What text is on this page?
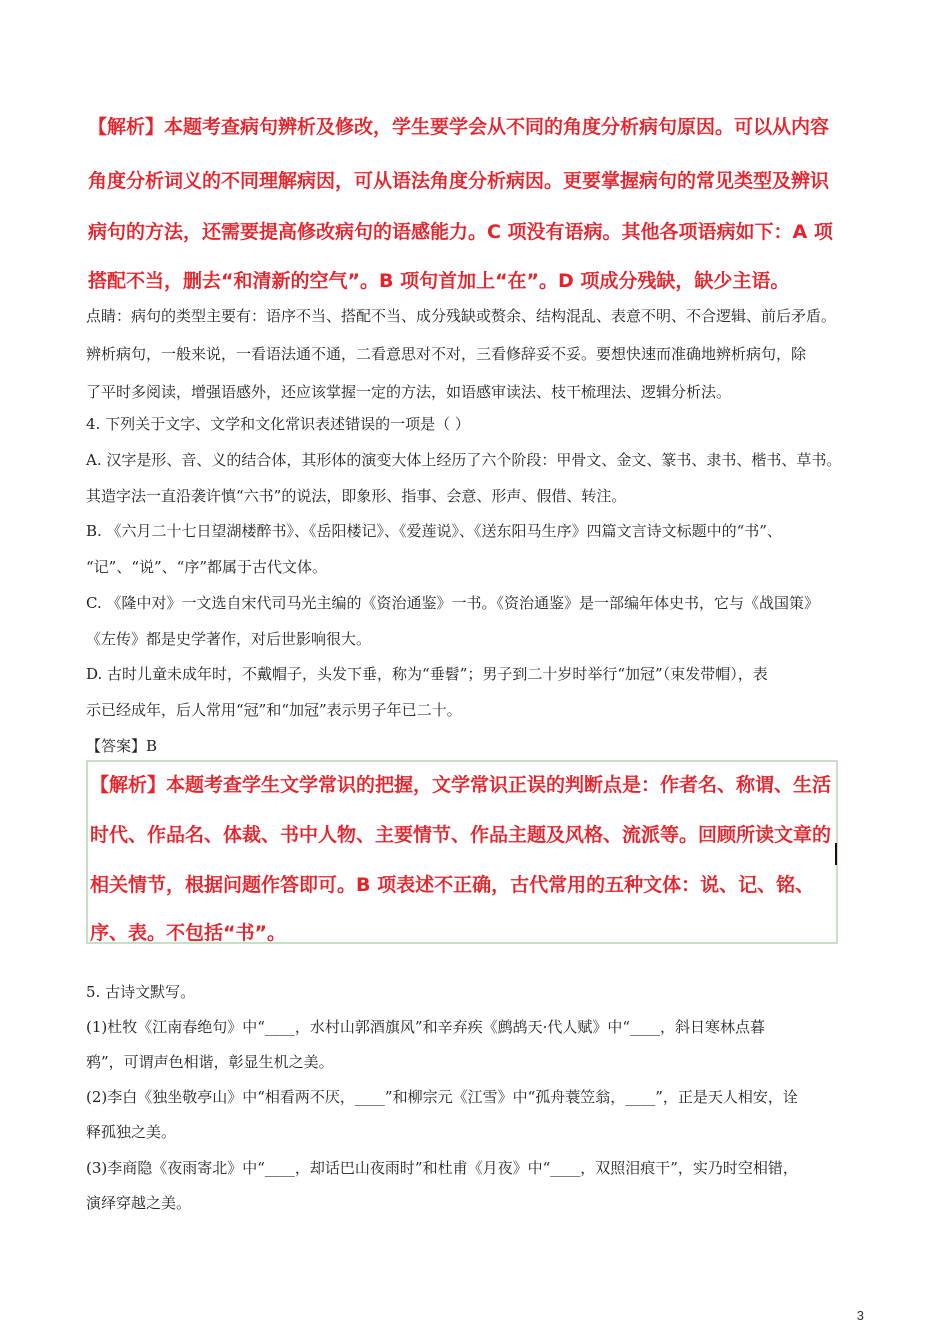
【解析】本题考查病句辨析及修改，学生要学会从不同的角度分析病句原因。可以从内容
角度分析词义的不同理解病因，可从语法角度分析病因。更要掌握病句的常见类型及辨识
病句的方法，还需要提高修改病句的语感能力。C 项没有语病。其他各项语病如下：A 项
搭配不当，删去“和清新的空气”。B 项句首加上“在”。D 项成分残缺，缺少主语。
点睛：病句的类型主要有：语序不当、搭配不当、成分残缺或赘余、结构混乱、表意不明、不合逻辑、前后矛盾。
辨析病句，一般来说，一看语法通不通，二看意思对不对，三看修辞妥不妥。要想快速而准确地辨析病句，除
了平时多阅读，增强语感外，还应该掌握一定的方法，如语感审读法、枝干梳理法、逻辑分析法。
4. 下列关于文字、文学和文化常识表述错误的一项是（ ）
A. 汉字是形、音、义的结合体，其形体的演变大体上经历了六个阶段：甲骨文、金文、篆书、隶书、楷书、草书。
其造字法一直沿袭许慎“六书”的说法，即象形、指事、会意、形声、假借、转注。
B. 《六月二十七日望湖楼醉书》、《岳阳楼记》、《爱莲说》、《送东阳马生序》四篇文言诗文标题中的“书”、
“记”、“说”、“序”都属于古代文体。
C. 《隆中对》一文选自宋代司马光主编的《资治通鉴》一书。《资治通鉴》是一部编年体史书，它与《战国策》
《左传》都是史学著作，对后世影响很大。
D. 古时儿童未成年时，不戴帽子，头发下垂，称为“垂髫”；男子到二十岁时举行“加冠”（束发带帽），表
示已经成年，后人常用“冠”和“加冠”表示男子年已二十。
【答案】B
【解析】本题考查学生文学常识的把握，文学常识正误的判断点是：作者名、称谓、生活
时代、作品名、体裁、书中人物、主要情节、作品主题及风格、流派等。回顾所读文章的
相关情节，根据问题作答即可。B 项表述不正确，古代常用的五种文体：说、记、铭、
序、表。不包括“书”。
5. 古诗文默写。
(1)杜牧《江南春绝句》中“____，水村山郭酒旗风”和辛弃疾《鹧鸪天·代人赋》中“____，斜日寒林点暮
鸦”，可谓声色相谐，彰显生机之美。
(2)李白《独坐敬亭山》中“相看两不厌，____”和柳宗元《江雪》中“孤舟蓑笠翁，____”，正是天人相安，诠
释孤独之美。
(3)李商隐《夜雨寄北》中“____，却话巴山夜雨时”和杜甫《月夜》中“____，双照泪痕干”，实乃时空相错，
演绎穿越之美。
3
